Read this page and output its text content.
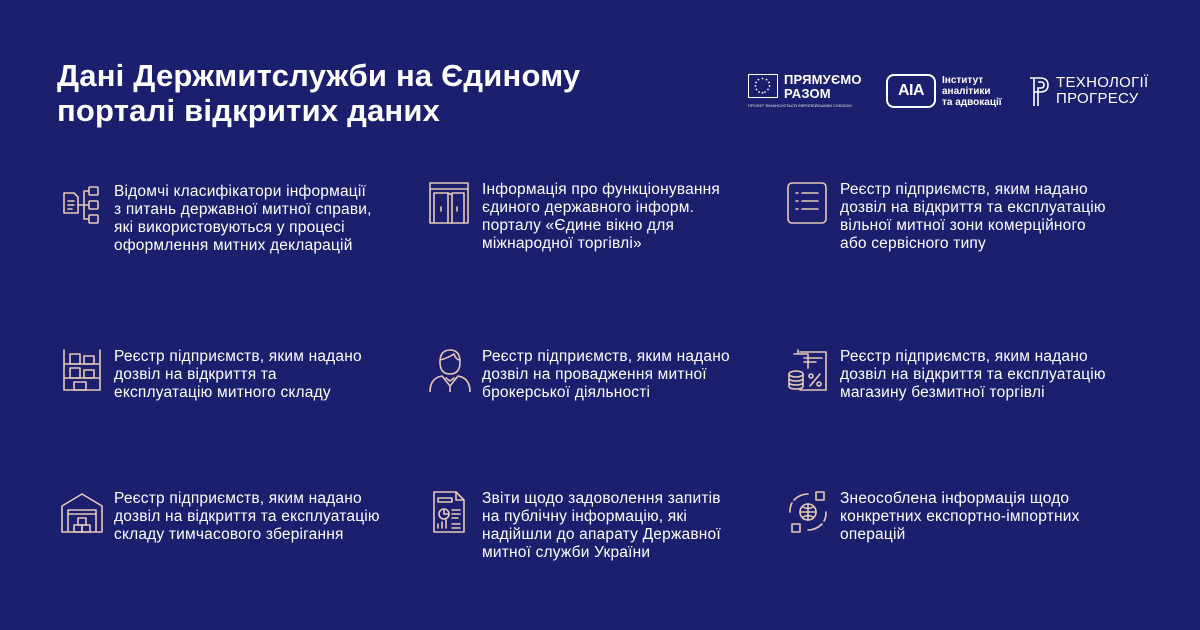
Дані Держмитслужби на Єдиному
порталі відкритих даних
ПРЯМУЄМО
РАЗОМ
ПРОЄКТ ФІНАНСУЄТЬСЯ ЄВРОПЕЙСЬКИМ СОЮЗОМ
AIA
Інститут
аналітики
та адвокації
ТЕХНОЛОГІЇ
ПРОГРЕСУ

Відомчі класифікатори інформації
з питань державної митної справи,
які використовуються у процесі
оформлення митних декларацій

Інформація про функціонування
єдиного державного інформ.
порталу «Єдине вікно для
міжнародної торгівлі»

Реєстр підприємств, яким надано
дозвіл на відкриття та експлуатацію
вільної митної зони комерційного
або сервісного типу

Реєстр підприємств, яким надано
дозвіл на відкриття та
експлуатацію митного складу

Реєстр підприємств, яким надано
дозвіл на провадження митної
брокерської діяльності

Реєстр підприємств, яким надано
дозвіл на відкриття та експлуатацію
магазину безмитної торгівлі

Реєстр підприємств, яким надано
дозвіл на відкриття та експлуатацію
складу тимчасового зберігання

Звіти щодо задоволення запитів
на публічну інформацію, які
надійшли до апарату Державної
митної служби України

Знеособлена інформація щодо
конкретних експортно-імпортних
операцій
